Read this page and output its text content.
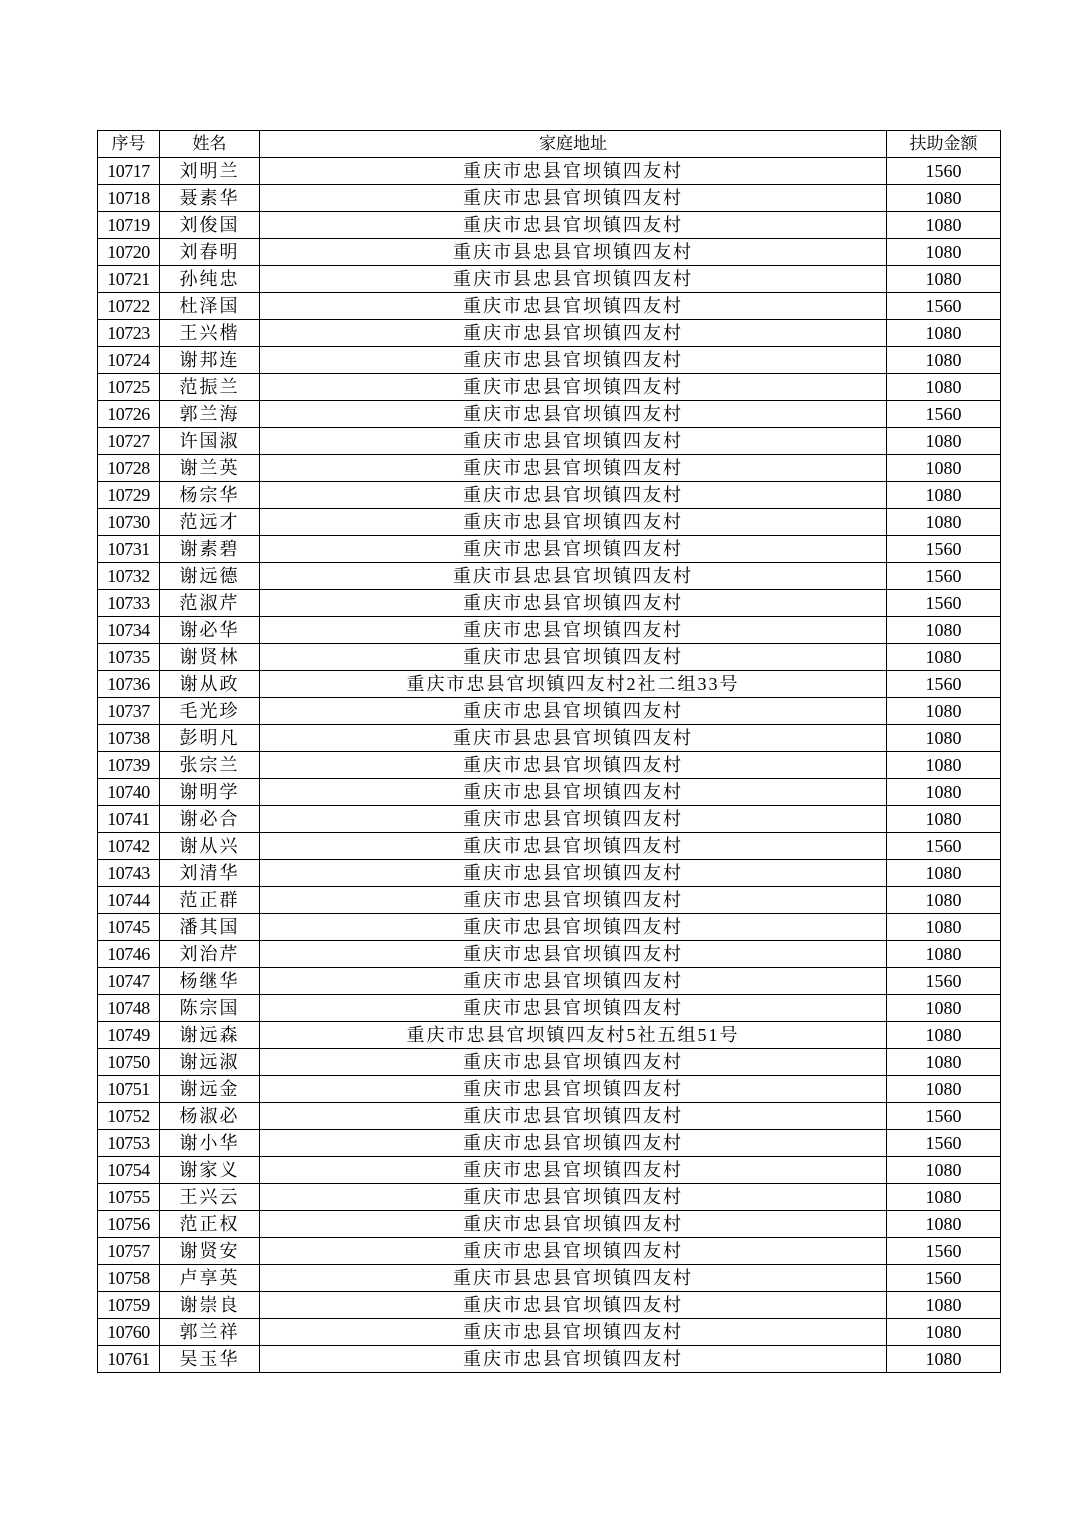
序号	姓名	家庭地址	扶助金额
10717	刘明兰	重庆市忠县官坝镇四友村	1560
10718	聂素华	重庆市忠县官坝镇四友村	1080
10719	刘俊国	重庆市忠县官坝镇四友村	1080
10720	刘春明	重庆市县忠县官坝镇四友村	1080
10721	孙纯忠	重庆市县忠县官坝镇四友村	1080
10722	杜泽国	重庆市忠县官坝镇四友村	1560
10723	王兴楷	重庆市忠县官坝镇四友村	1080
10724	谢邦连	重庆市忠县官坝镇四友村	1080
10725	范振兰	重庆市忠县官坝镇四友村	1080
10726	郭兰海	重庆市忠县官坝镇四友村	1560
10727	许国淑	重庆市忠县官坝镇四友村	1080
10728	谢兰英	重庆市忠县官坝镇四友村	1080
10729	杨宗华	重庆市忠县官坝镇四友村	1080
10730	范远才	重庆市忠县官坝镇四友村	1080
10731	谢素碧	重庆市忠县官坝镇四友村	1560
10732	谢远德	重庆市县忠县官坝镇四友村	1560
10733	范淑芹	重庆市忠县官坝镇四友村	1560
10734	谢必华	重庆市忠县官坝镇四友村	1080
10735	谢贤林	重庆市忠县官坝镇四友村	1080
10736	谢从政	重庆市忠县官坝镇四友村2社二组33号	1560
10737	毛光珍	重庆市忠县官坝镇四友村	1080
10738	彭明凡	重庆市县忠县官坝镇四友村	1080
10739	张宗兰	重庆市忠县官坝镇四友村	1080
10740	谢明学	重庆市忠县官坝镇四友村	1080
10741	谢必合	重庆市忠县官坝镇四友村	1080
10742	谢从兴	重庆市忠县官坝镇四友村	1560
10743	刘清华	重庆市忠县官坝镇四友村	1080
10744	范正群	重庆市忠县官坝镇四友村	1080
10745	潘其国	重庆市忠县官坝镇四友村	1080
10746	刘治芹	重庆市忠县官坝镇四友村	1080
10747	杨继华	重庆市忠县官坝镇四友村	1560
10748	陈宗国	重庆市忠县官坝镇四友村	1080
10749	谢远森	重庆市忠县官坝镇四友村5社五组51号	1080
10750	谢远淑	重庆市忠县官坝镇四友村	1080
10751	谢远金	重庆市忠县官坝镇四友村	1080
10752	杨淑必	重庆市忠县官坝镇四友村	1560
10753	谢小华	重庆市忠县官坝镇四友村	1560
10754	谢家义	重庆市忠县官坝镇四友村	1080
10755	王兴云	重庆市忠县官坝镇四友村	1080
10756	范正权	重庆市忠县官坝镇四友村	1080
10757	谢贤安	重庆市忠县官坝镇四友村	1560
10758	卢享英	重庆市县忠县官坝镇四友村	1560
10759	谢崇良	重庆市忠县官坝镇四友村	1080
10760	郭兰祥	重庆市忠县官坝镇四友村	1080
10761	吴玉华	重庆市忠县官坝镇四友村	1080
